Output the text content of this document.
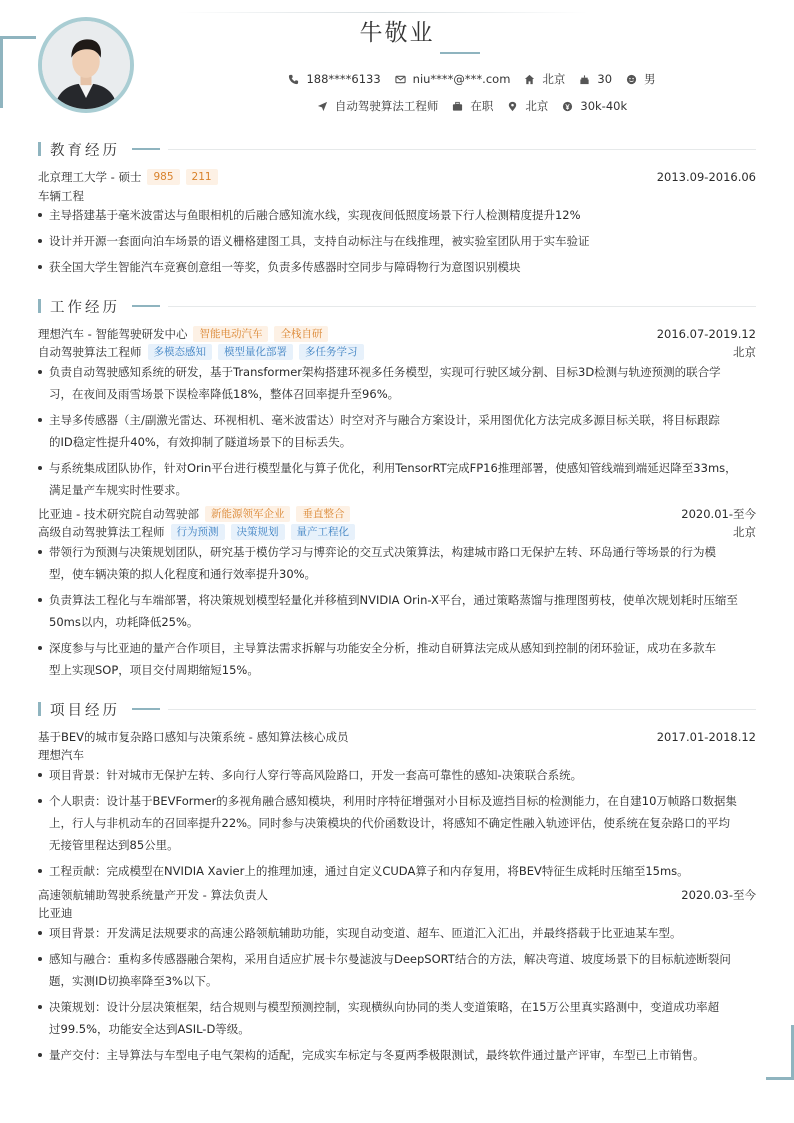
牛敬业
188****6133	niu****@***.com	北京	30	男
自动驾驶算法工程师	在职	北京	30k-40k
教育经历
北京理工大学 - 硕士	985	211	2013.09-2016.06
车辆工程
主导搭建基于毫米波雷达与鱼眼相机的后融合感知流水线，实现夜间低照度场景下行人检测精度提升12%
设计并开源一套面向泊车场景的语义栅格建图工具，支持自动标注与在线推理，被实验室团队用于实车验证
获全国大学生智能汽车竞赛创意组一等奖，负责多传感器时空同步与障碍物行为意图识别模块
工作经历
理想汽车 - 智能驾驶研发中心	智能电动汽车	全栈自研	2016.07-2019.12
自动驾驶算法工程师	多模态感知	模型量化部署	多任务学习	北京
负责自动驾驶感知系统的研发，基于Transformer架构搭建环视多任务模型，实现可行驶区域分割、目标3D检测与轨迹预测的联合学
习，在夜间及雨雪场景下误检率降低18%，整体召回率提升至96%。
主导多传感器（主/副激光雷达、环视相机、毫米波雷达）时空对齐与融合方案设计，采用图优化方法完成多源目标关联，将目标跟踪
的ID稳定性提升40%，有效抑制了隧道场景下的目标丢失。
与系统集成团队协作，针对Orin平台进行模型量化与算子优化，利用TensorRT完成FP16推理部署，使感知管线端到端延迟降至33ms，
满足量产车规实时性要求。
比亚迪 - 技术研究院自动驾驶部	新能源领军企业	垂直整合	2020.01-至今
高级自动驾驶算法工程师	行为预测	决策规划	量产工程化	北京
带领行为预测与决策规划团队，研究基于模仿学习与博弈论的交互式决策算法，构建城市路口无保护左转、环岛通行等场景的行为模
型，使车辆决策的拟人化程度和通行效率提升30%。
负责算法工程化与车端部署，将决策规划模型轻量化并移植到NVIDIA Orin-X平台，通过策略蒸馏与推理图剪枝，使单次规划耗时压缩至
50ms以内，功耗降低25%。
深度参与与比亚迪的量产合作项目，主导算法需求拆解与功能安全分析，推动自研算法完成从感知到控制的闭环验证，成功在多款车
型上实现SOP，项目交付周期缩短15%。
项目经历
基于BEV的城市复杂路口感知与决策系统 - 感知算法核心成员	2017.01-2018.12
理想汽车
项目背景：针对城市无保护左转、多向行人穿行等高风险路口，开发一套高可靠性的感知-决策联合系统。
个人职责：设计基于BEVFormer的多视角融合感知模块，利用时序特征增强对小目标及遮挡目标的检测能力，在自建10万帧路口数据集
上，行人与非机动车的召回率提升22%。同时参与决策模块的代价函数设计，将感知不确定性融入轨迹评估，使系统在复杂路口的平均
无接管里程达到85公里。
工程贡献：完成模型在NVIDIA Xavier上的推理加速，通过自定义CUDA算子和内存复用，将BEV特征生成耗时压缩至15ms。
高速领航辅助驾驶系统量产开发 - 算法负责人	2020.03-至今
比亚迪
项目背景：开发满足法规要求的高速公路领航辅助功能，实现自动变道、超车、匝道汇入汇出，并最终搭载于比亚迪某车型。
感知与融合：重构多传感器融合架构，采用自适应扩展卡尔曼滤波与DeepSORT结合的方法，解决弯道、坡度场景下的目标航迹断裂问
题，实测ID切换率降至3%以下。
决策规划：设计分层决策框架，结合规则与模型预测控制，实现横纵向协同的类人变道策略，在15万公里真实路测中，变道成功率超
过99.5%，功能安全达到ASIL-D等级。
量产交付：主导算法与车型电子电气架构的适配，完成实车标定与冬夏两季极限测试，最终软件通过量产评审，车型已上市销售。
